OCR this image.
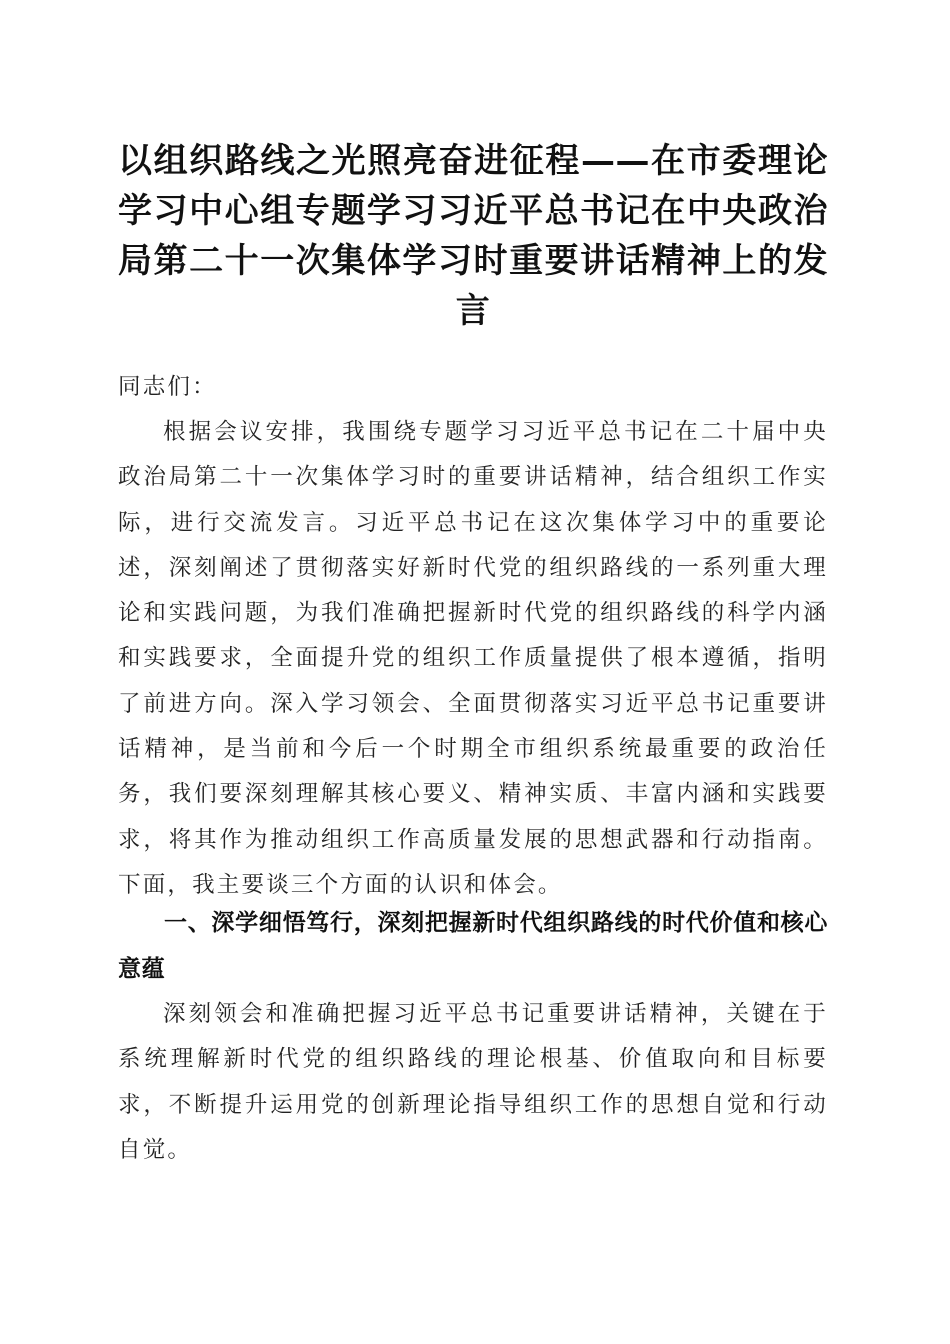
以组织路线之光照亮奋进征程——在市委理论学习中心组专题学习习近平总书记在中央政治局第二十一次集体学习时重要讲话精神上的发言

同志们：

根据会议安排，我围绕专题学习习近平总书记在二十届中央政治局第二十一次集体学习时的重要讲话精神，结合组织工作实际，进行交流发言。习近平总书记在这次集体学习中的重要论述，深刻阐述了贯彻落实好新时代党的组织路线的一系列重大理论和实践问题，为我们准确把握新时代党的组织路线的科学内涵和实践要求，全面提升党的组织工作质量提供了根本遵循，指明了前进方向。深入学习领会、全面贯彻落实习近平总书记重要讲话精神，是当前和今后一个时期全市组织系统最重要的政治任务，我们要深刻理解其核心要义、精神实质、丰富内涵和实践要求，将其作为推动组织工作高质量发展的思想武器和行动指南。下面，我主要谈三个方面的认识和体会。

一、深学细悟笃行，深刻把握新时代组织路线的时代价值和核心意蕴

深刻领会和准确把握习近平总书记重要讲话精神，关键在于系统理解新时代党的组织路线的理论根基、价值取向和目标要求，不断提升运用党的创新理论指导组织工作的思想自觉和行动自觉。
